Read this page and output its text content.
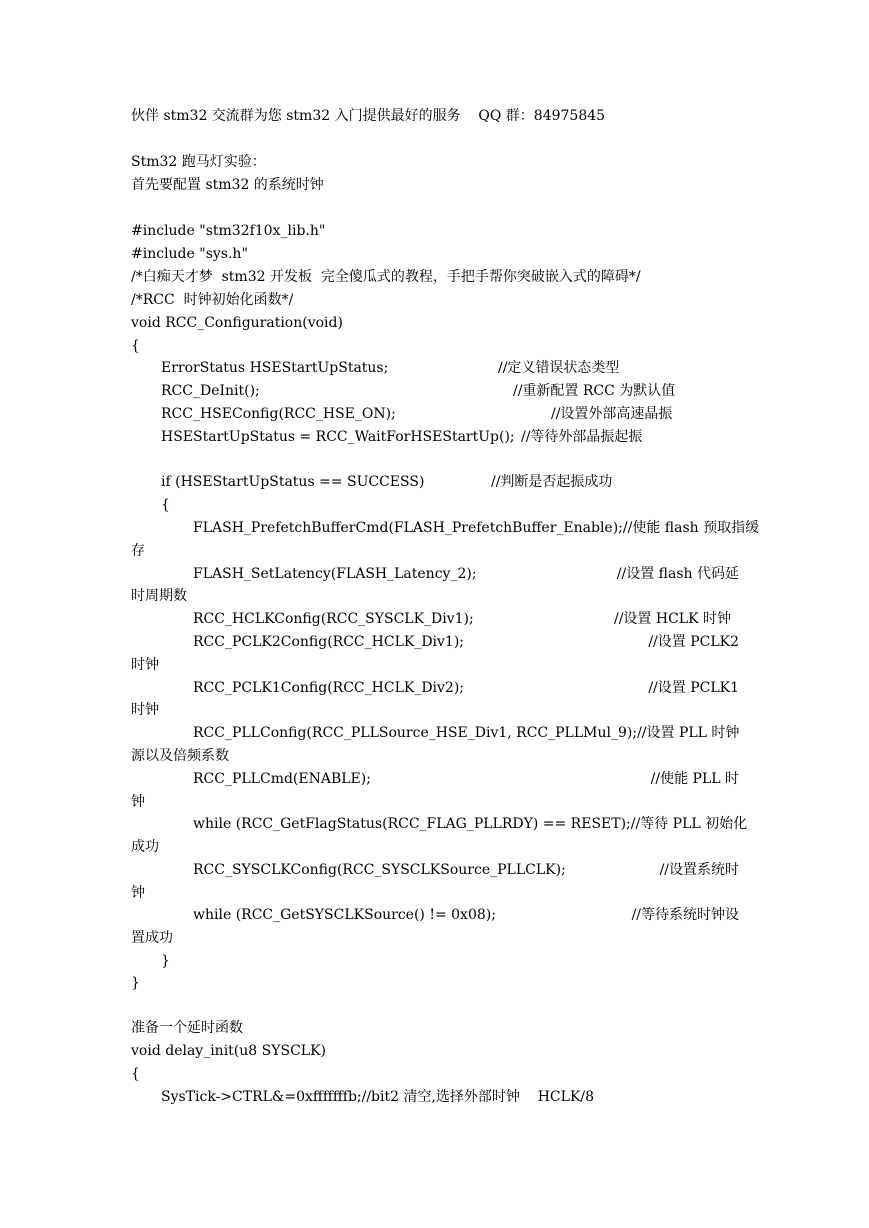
伙伴 stm32 交流群为您 stm32 入门提供最好的服务    QQ 群：84975845
Stm32 跑马灯实验：
首先要配置 stm32 的系统时钟
#include "stm32f10x_lib.h"
#include "sys.h"
/*白痴天才梦  stm32 开发板  完全傻瓜式的教程，手把手帮你突破嵌入式的障碍*/
/*RCC  时钟初始化函数*/
void RCC_Configuration(void)
{
ErrorStatus HSEStartUpStatus;	//定义错误状态类型
RCC_DeInit();	//重新配置 RCC 为默认值
RCC_HSEConfig(RCC_HSE_ON);	//设置外部高速晶振
HSEStartUpStatus = RCC_WaitForHSEStartUp(); //等待外部晶振起振
if (HSEStartUpStatus == SUCCESS)	//判断是否起振成功
{
FLASH_PrefetchBufferCmd(FLASH_PrefetchBuffer_Enable); //使能 flash 预取指缓
存
FLASH_SetLatency(FLASH_Latency_2);	//设置 flash 代码延
时周期数
RCC_HCLKConfig(RCC_SYSCLK_Div1);	//设置 HCLK 时钟
RCC_PCLK2Config(RCC_HCLK_Div1);	//设置 PCLK2
时钟
RCC_PCLK1Config(RCC_HCLK_Div2);	//设置 PCLK1
时钟
RCC_PLLConfig(RCC_PLLSource_HSE_Div1, RCC_PLLMul_9); //设置 PLL 时钟
源以及倍频系数
RCC_PLLCmd(ENABLE);	//使能 PLL 时
钟
while (RCC_GetFlagStatus(RCC_FLAG_PLLRDY) == RESET); //等待 PLL 初始化
成功
RCC_SYSCLKConfig(RCC_SYSCLKSource_PLLCLK);	//设置系统时
钟
while (RCC_GetSYSCLKSource() != 0x08);	//等待系统时钟设
置成功
}
}
准备一个延时函数
void delay_init(u8 SYSCLK)
{
SysTick->CTRL&=0xfffffffb;//bit2 清空,选择外部时钟    HCLK/8
